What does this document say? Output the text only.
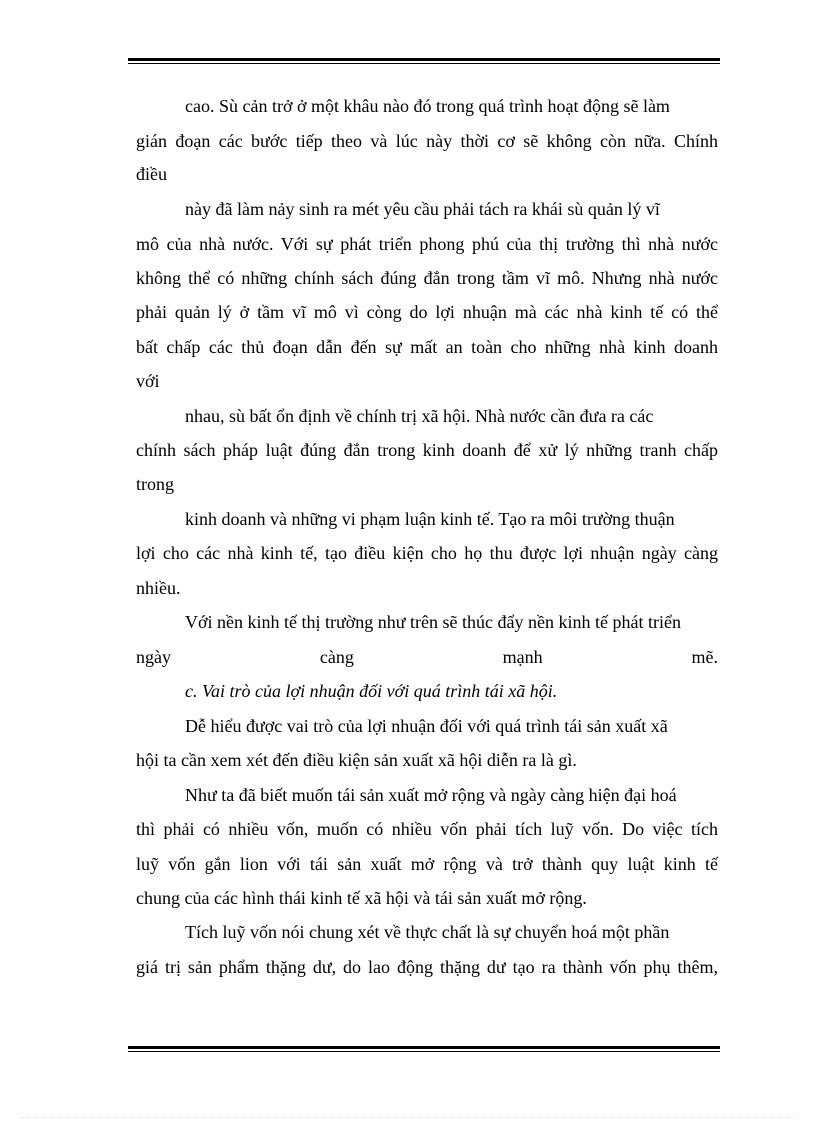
cao. Sù cản trở ở một khâu nào đó trong quá trình hoạt động sẽ làm
gián đoạn các bước tiếp theo và lúc này thời cơ sẽ không còn nữa. Chính
điều
này đã làm nảy sinh ra mét yêu cầu phải tách ra khái sù quản lý vĩ
mô của nhà nước. Với sự phát triển phong phú của thị trường thì nhà nước
không thể có những chính sách đúng đắn trong tầm vĩ mô. Nhưng nhà nước
phải quản lý ở tầm vĩ mô vì còng do lợi nhuận mà các nhà kinh tế có thể
bất chấp các thủ đoạn dẫn đến sự mất an toàn cho những nhà kinh doanh
với
nhau, sù bất ổn định về chính trị xã hội. Nhà nước cần đưa ra các
chính sách pháp luật đúng đắn trong kinh doanh để xử lý những tranh chấp
trong
kinh doanh và những vi phạm luận kinh tế. Tạo ra môi trường thuận
lợi cho các nhà kinh tế, tạo điều kiện cho họ thu được lợi nhuận ngày càng
nhiều.
Với nền kinh tế thị trường như trên sẽ thúc đẩy nền kinh tế phát triển
ngày càng mạnh mẽ.
c. Vai trò của lợi nhuận đối với quá trình tái xã hội.
Dễ hiểu được vai trò của lợi nhuận đối với quá trình tái sản xuất xã
hội ta cần xem xét đến điều kiện sản xuất xã hội diễn ra là gì.
Như ta đã biết muốn tái sản xuất mở rộng và ngày càng hiện đại hoá
thì phải có nhiều vốn, muốn có nhiều vốn phải tích luỹ vốn. Do việc tích
luỹ vốn gắn lion với tái sản xuất mở rộng và trở thành quy luật kinh tế
chung của các hình thái kinh tế xã hội và tái sản xuất mở rộng.
Tích luỹ vốn nói chung xét về thực chất là sự chuyển hoá một phần
giá trị sản phẩm thặng dư, do lao động thặng dư tạo ra thành vốn phụ thêm,
